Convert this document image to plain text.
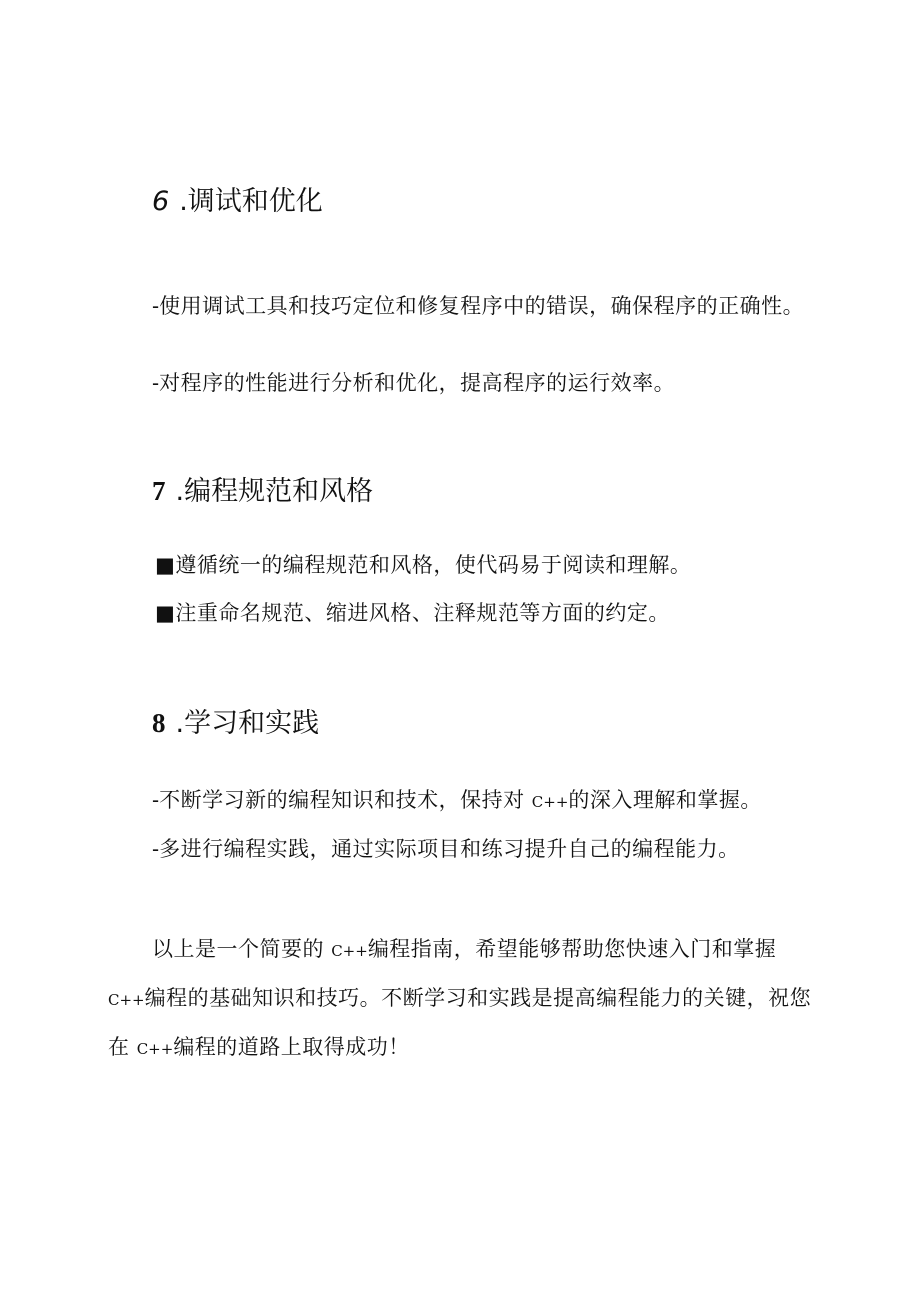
6 .调试和优化

-使用调试工具和技巧定位和修复程序中的错误，确保程序的正确性。

-对程序的性能进行分析和优化，提高程序的运行效率。

7 .编程规范和风格

■遵循统一的编程规范和风格，使代码易于阅读和理解。

■注重命名规范、缩进风格、注释规范等方面的约定。

8 .学习和实践

-不断学习新的编程知识和技术，保持对 C++的深入理解和掌握。

-多进行编程实践，通过实际项目和练习提升自己的编程能力。

以上是一个简要的 C++编程指南，希望能够帮助您快速入门和掌握 C++编程的基础知识和技巧。不断学习和实践是提高编程能力的关键，祝您在 C++编程的道路上取得成功！
